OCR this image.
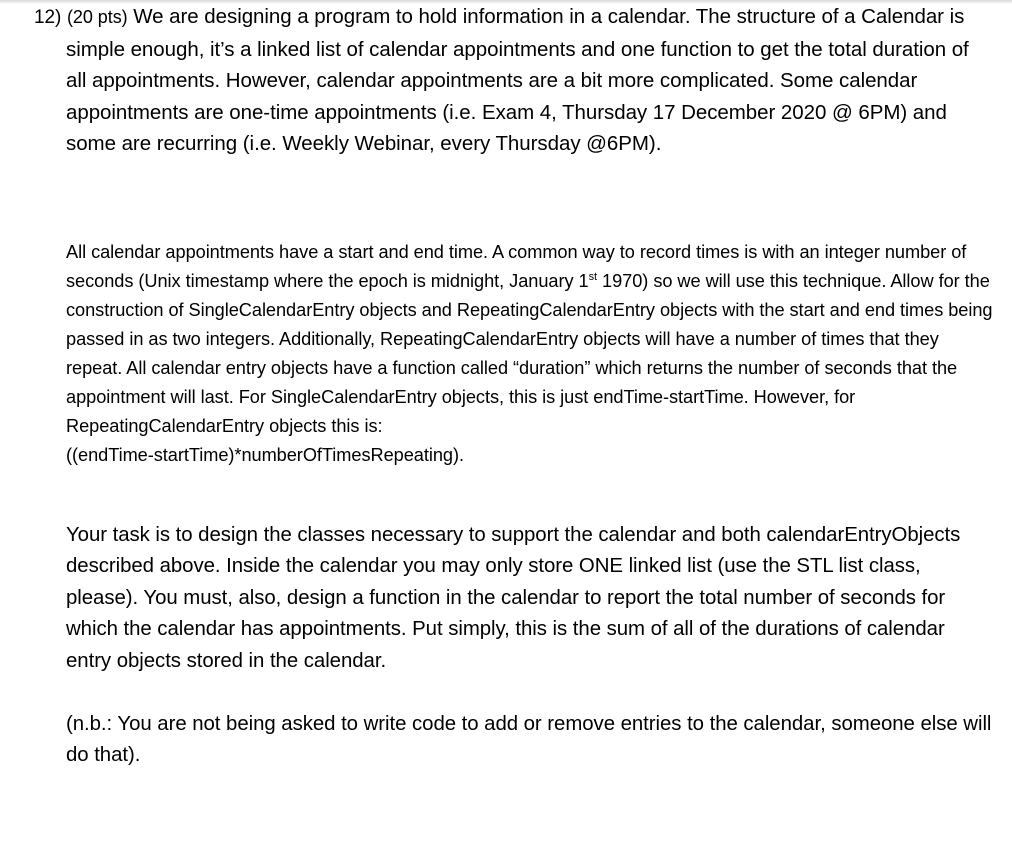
12) (20 pts) We are designing a program to hold information in a calendar. The structure of a Calendar is simple enough, it’s a linked list of calendar appointments and one function to get the total duration of all appointments. However, calendar appointments are a bit more complicated. Some calendar appointments are one-time appointments (i.e. Exam 4, Thursday 17 December 2020 @ 6PM) and some are recurring (i.e. Weekly Webinar, every Thursday @6PM).

All calendar appointments have a start and end time. A common way to record times is with an integer number of seconds (Unix timestamp where the epoch is midnight, January 1st 1970) so we will use this technique. Allow for the construction of SingleCalendarEntry objects and RepeatingCalendarEntry objects with the start and end times being passed in as two integers. Additionally, RepeatingCalendarEntry objects will have a number of times that they repeat. All calendar entry objects have a function called “duration” which returns the number of seconds that the appointment will last. For SingleCalendarEntry objects, this is just endTime-startTime. However, for RepeatingCalendarEntry objects this is:
((endTime-startTime)*numberOfTimesRepeating).

Your task is to design the classes necessary to support the calendar and both calendarEntryObjects described above. Inside the calendar you may only store ONE linked list (use the STL list class, please). You must, also, design a function in the calendar to report the total number of seconds for which the calendar has appointments. Put simply, this is the sum of all of the durations of calendar entry objects stored in the calendar.

(n.b.: You are not being asked to write code to add or remove entries to the calendar, someone else will do that).
